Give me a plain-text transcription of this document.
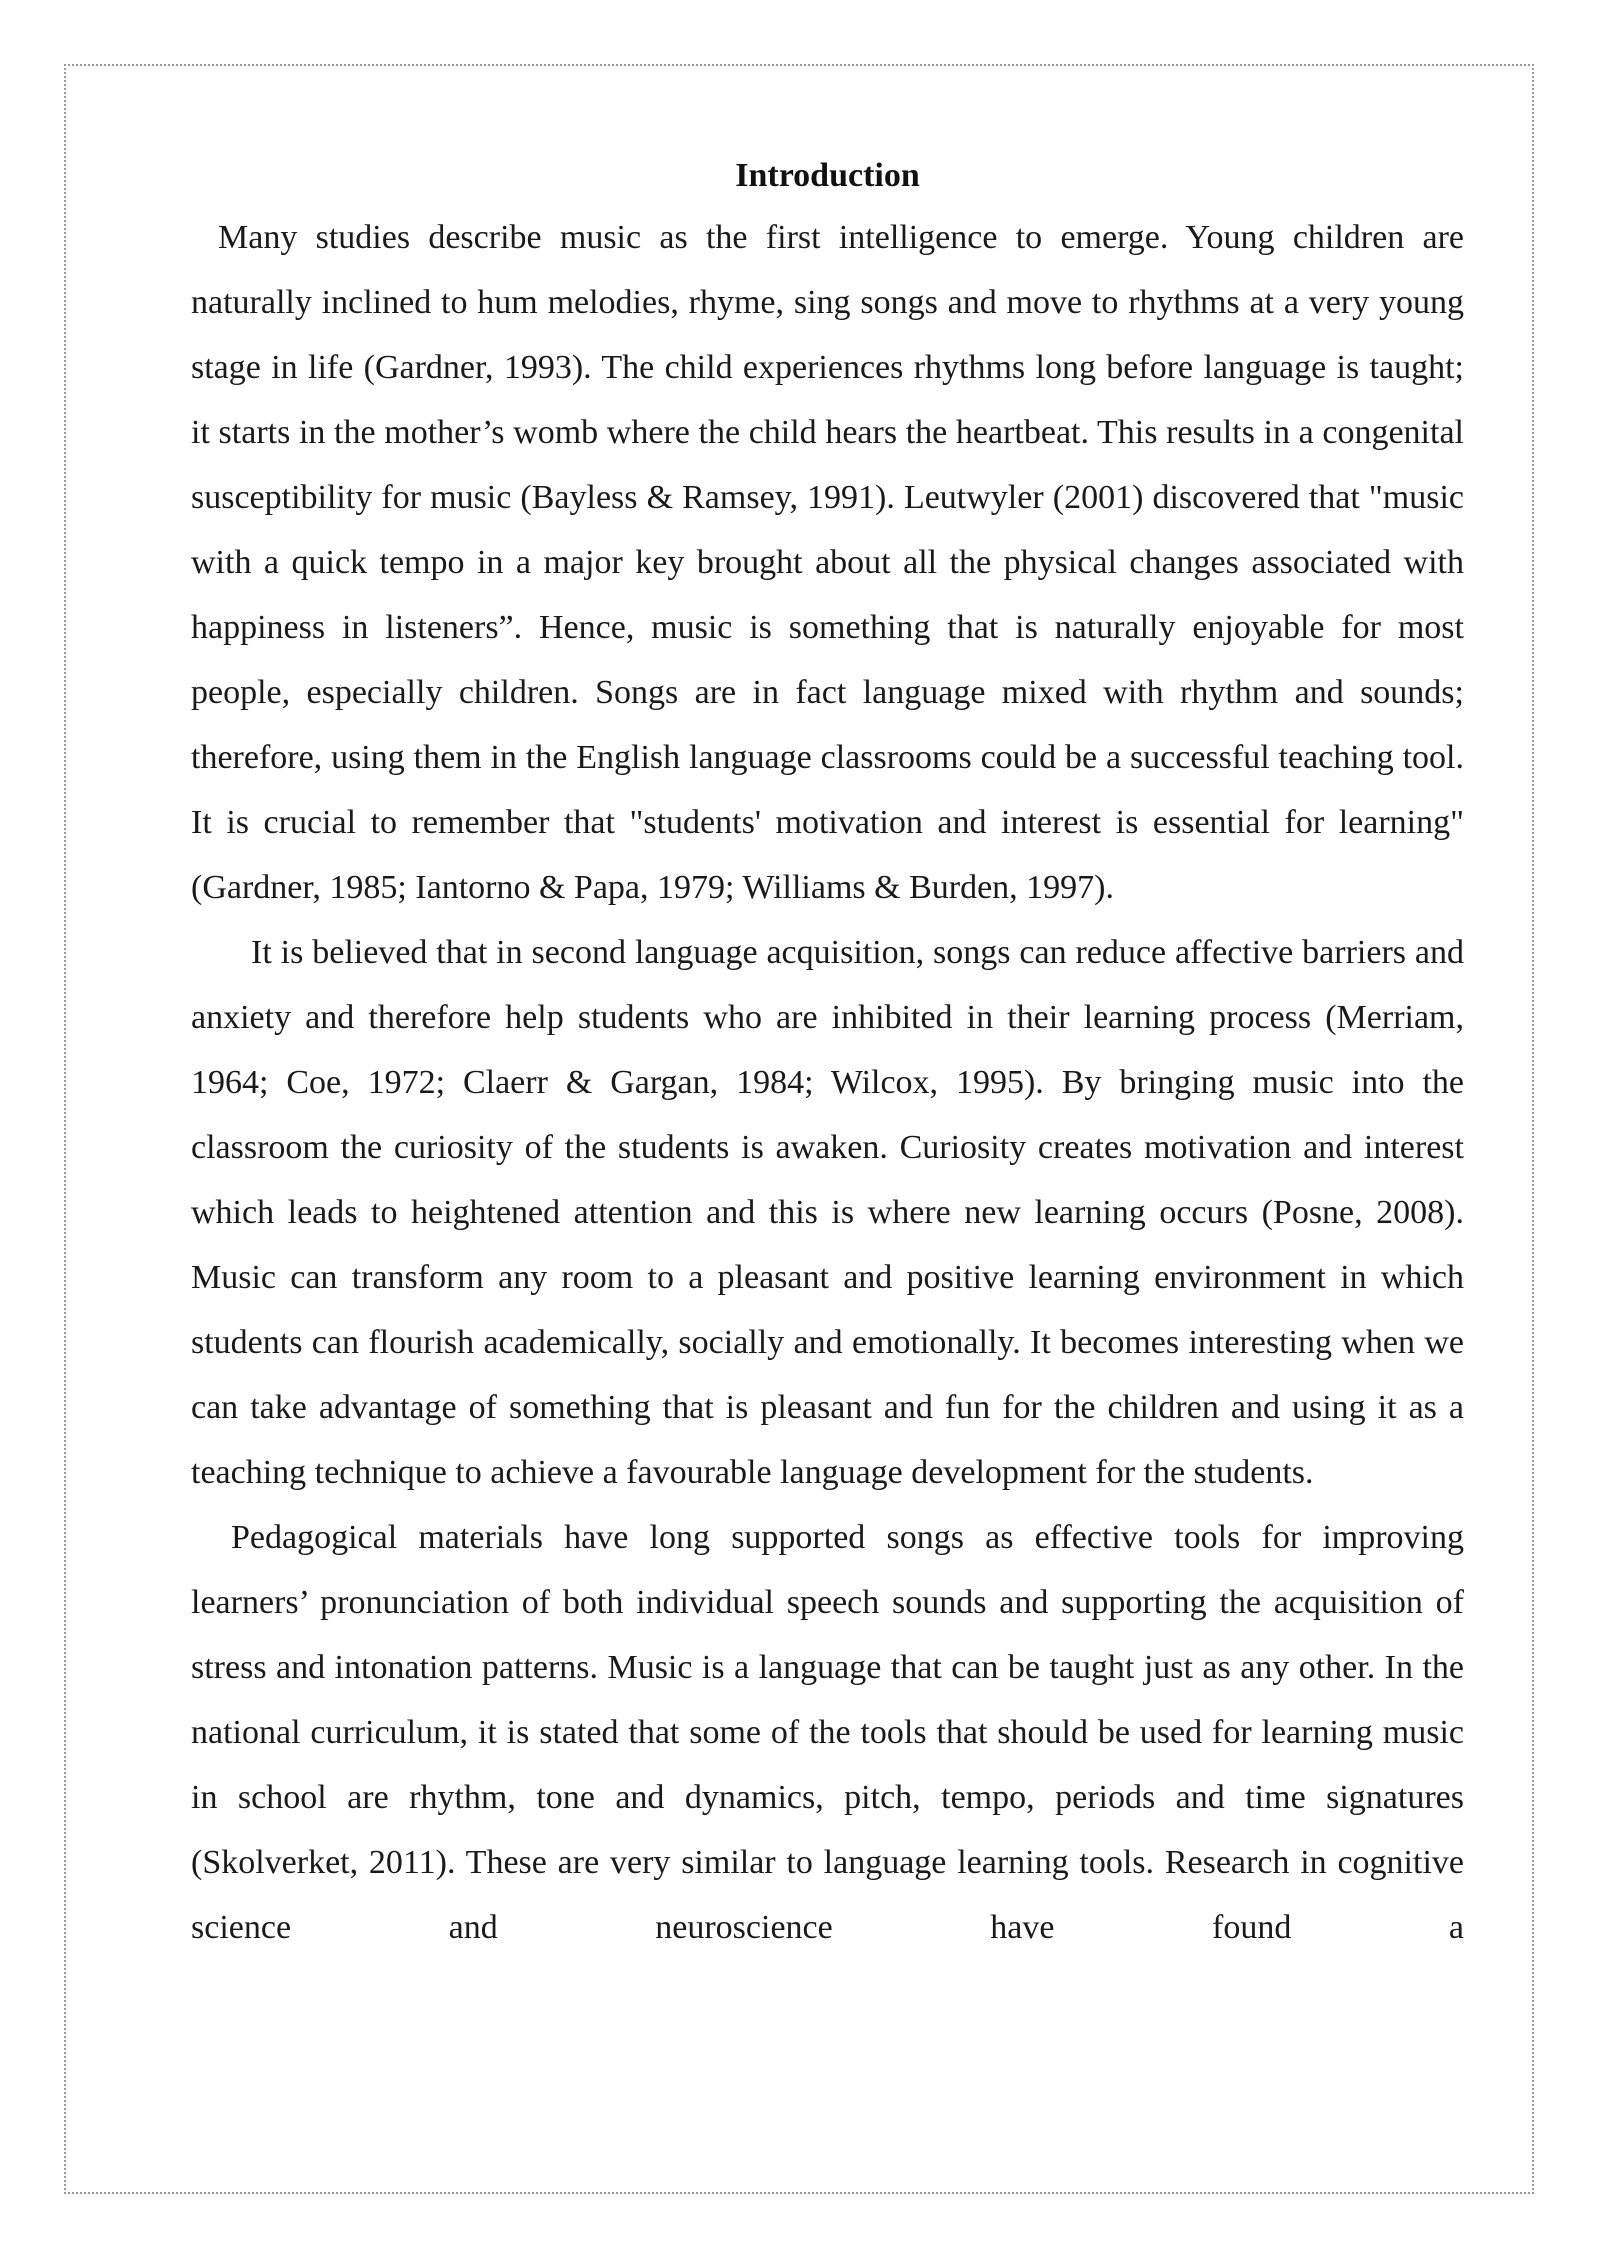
Introduction

Many studies describe music as the first intelligence to emerge. Young children are naturally inclined to hum melodies, rhyme, sing songs and move to rhythms at a very young stage in life (Gardner, 1993). The child experiences rhythms long before language is taught; it starts in the mother’s womb where the child hears the heartbeat. This results in a congenital susceptibility for music (Bayless & Ramsey, 1991). Leutwyler (2001) discovered that "music with a quick tempo in a major key brought about all the physical changes associated with happiness in listeners”. Hence, music is something that is naturally enjoyable for most people, especially children. Songs are in fact language mixed with rhythm and sounds; therefore, using them in the English language classrooms could be a successful teaching tool. It is crucial to remember that "students' motivation and interest is essential for learning" (Gardner, 1985; Iantorno & Papa, 1979; Williams & Burden, 1997).

It is believed that in second language acquisition, songs can reduce affective barriers and anxiety and therefore help students who are inhibited in their learning process (Merriam, 1964; Coe, 1972; Claerr & Gargan, 1984; Wilcox, 1995). By bringing music into the classroom the curiosity of the students is awaken. Curiosity creates motivation and interest which leads to heightened attention and this is where new learning occurs (Posne, 2008). Music can transform any room to a pleasant and positive learning environment in which students can flourish academically, socially and emotionally. It becomes interesting when we can take advantage of something that is pleasant and fun for the children and using it as a teaching technique to achieve a favourable language development for the students.

Pedagogical materials have long supported songs as effective tools for improving learners’ pronunciation of both individual speech sounds and supporting the acquisition of stress and intonation patterns. Music is a language that can be taught just as any other. In the national curriculum, it is stated that some of the tools that should be used for learning music in school are rhythm, tone and dynamics, pitch, tempo, periods and time signatures (Skolverket, 2011). These are very similar to language learning tools. Research in cognitive science and neuroscience have found a
